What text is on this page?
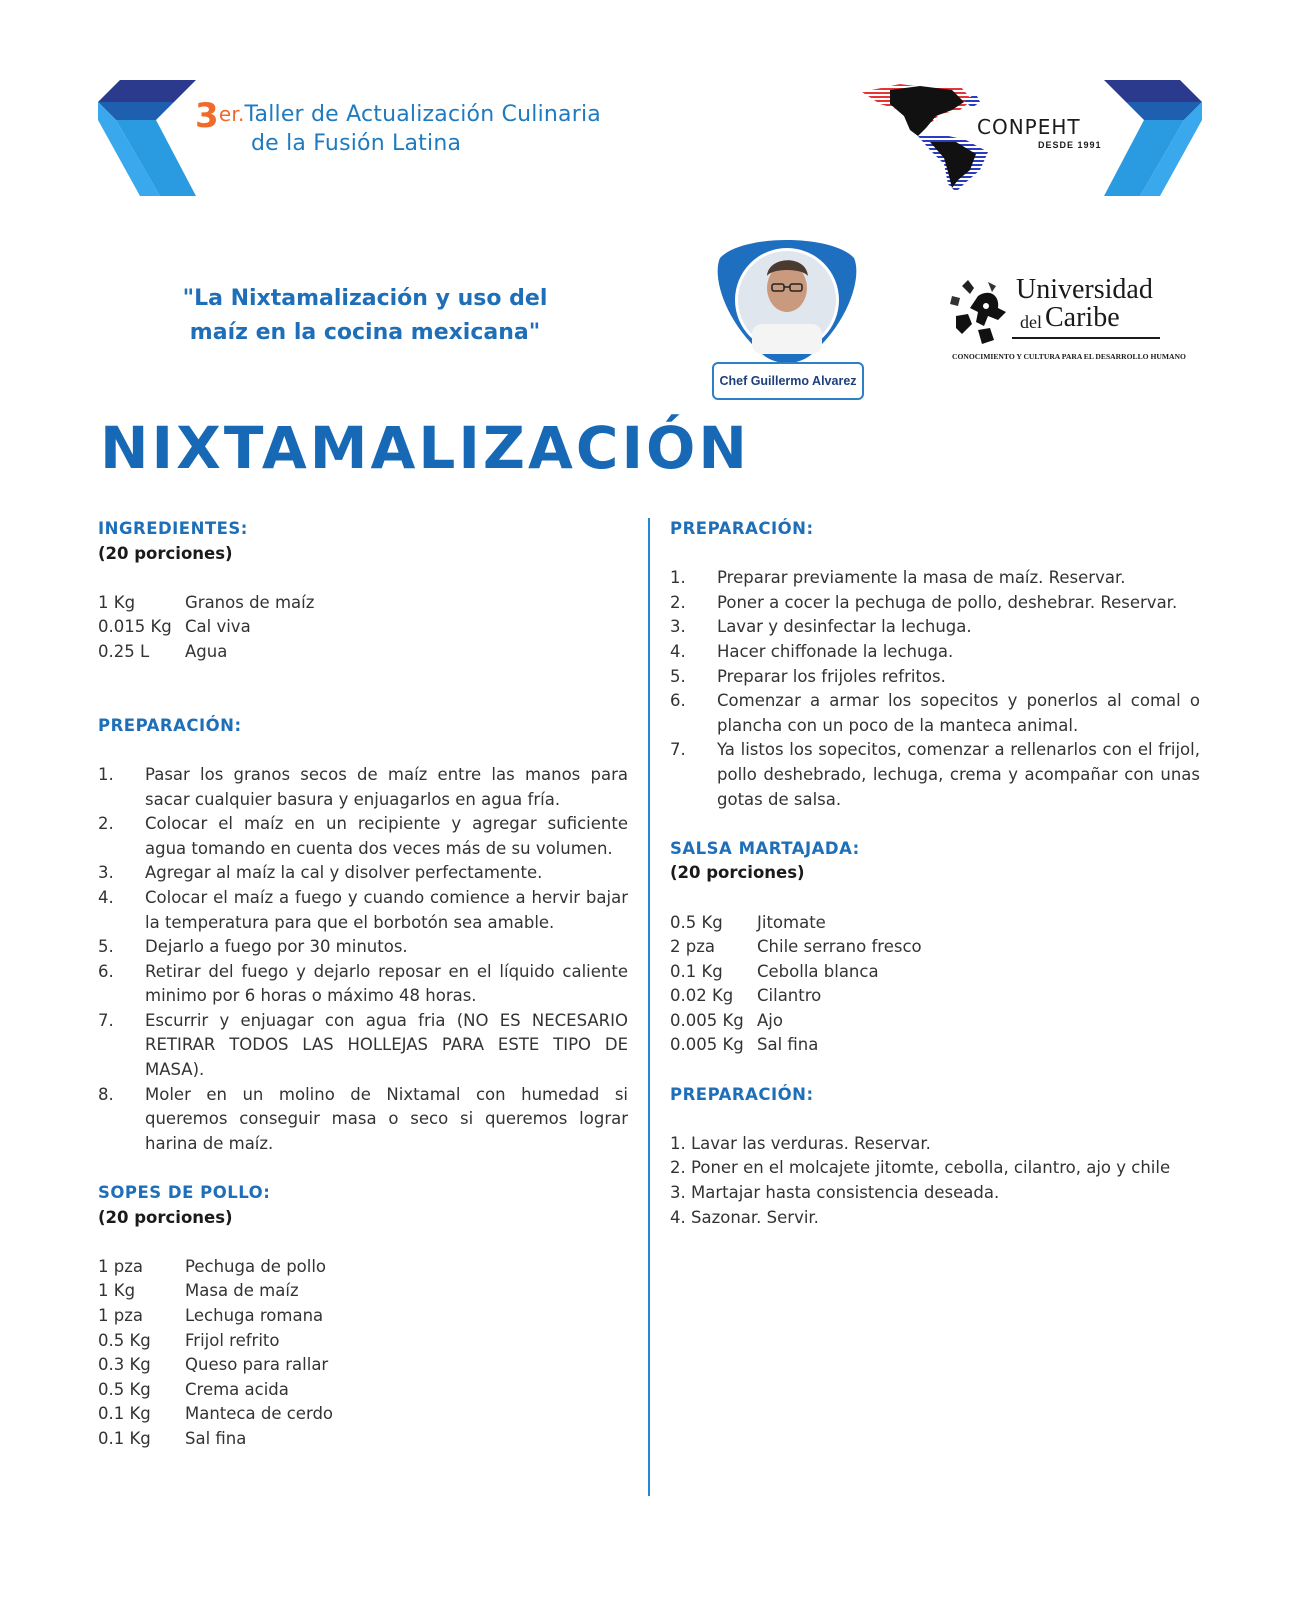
3er.Taller de Actualización Culinaria
de la Fusión Latina
CONPEHT
DESDE 1991
"La Nixtamalización y uso del
maíz en la cocina mexicana"
Chef Guillermo Alvarez
Universidad
del Caribe
CONOCIMIENTO Y CULTURA PARA EL DESARROLLO HUMANO
NIXTAMALIZACIÓN
INGREDIENTES:
(20 porciones)
1 Kg	Granos de maíz
0.015 Kg Cal viva
0.25 L	Agua
PREPARACIÓN:
1.	Pasar los granos secos de maíz entre las manos para sacar cualquier basura y enjuagarlos en agua fría.
2.	Colocar el maíz en un recipiente y agregar suficiente agua tomando en cuenta dos veces más de su volumen.
3.	Agregar al maíz la cal y disolver perfectamente.
4.	Colocar el maíz a fuego y cuando comience a hervir bajar la temperatura para que el borbotón sea amable.
5.	Dejarlo a fuego por 30 minutos.
6.	Retirar del fuego y dejarlo reposar en el líquido caliente minimo por 6 horas o máximo 48 horas.
7.	Escurrir y enjuagar con agua fria (NO ES NECESARIO RETIRAR TODOS LAS HOLLEJAS PARA ESTE TIPO DE MASA).
8.	Moler en un molino de Nixtamal con humedad si queremos conseguir masa o seco si queremos lograr harina de maíz.
SOPES DE POLLO:
(20 porciones)
1 pza	Pechuga de pollo
1 Kg	Masa de maíz
1 pza	Lechuga romana
0.5 Kg	Frijol refrito
0.3 Kg	Queso para rallar
0.5 Kg	Crema acida
0.1 Kg	Manteca de cerdo
0.1 Kg	Sal fina
PREPARACIÓN:
1.	Preparar previamente la masa de maíz. Reservar.
2.	Poner a cocer la pechuga de pollo, deshebrar. Reservar.
3.	Lavar y desinfectar la lechuga.
4.	Hacer chiffonade la lechuga.
5.	Preparar los frijoles refritos.
6.	Comenzar a armar los sopecitos y ponerlos al comal o plancha con un poco de la manteca animal.
7.	Ya listos los sopecitos, comenzar a rellenarlos con el frijol, pollo deshebrado, lechuga, crema y acompañar con unas gotas de salsa.
SALSA MARTAJADA:
(20 porciones)
0.5 Kg	Jitomate
2 pza	Chile serrano fresco
0.1 Kg	Cebolla blanca
0.02 Kg	Cilantro
0.005 Kg Ajo
0.005 Kg Sal fina
PREPARACIÓN:
1. Lavar las verduras. Reservar.
2. Poner en el molcajete jitomte, cebolla, cilantro, ajo y chile
3. Martajar hasta consistencia deseada.
4. Sazonar. Servir.
